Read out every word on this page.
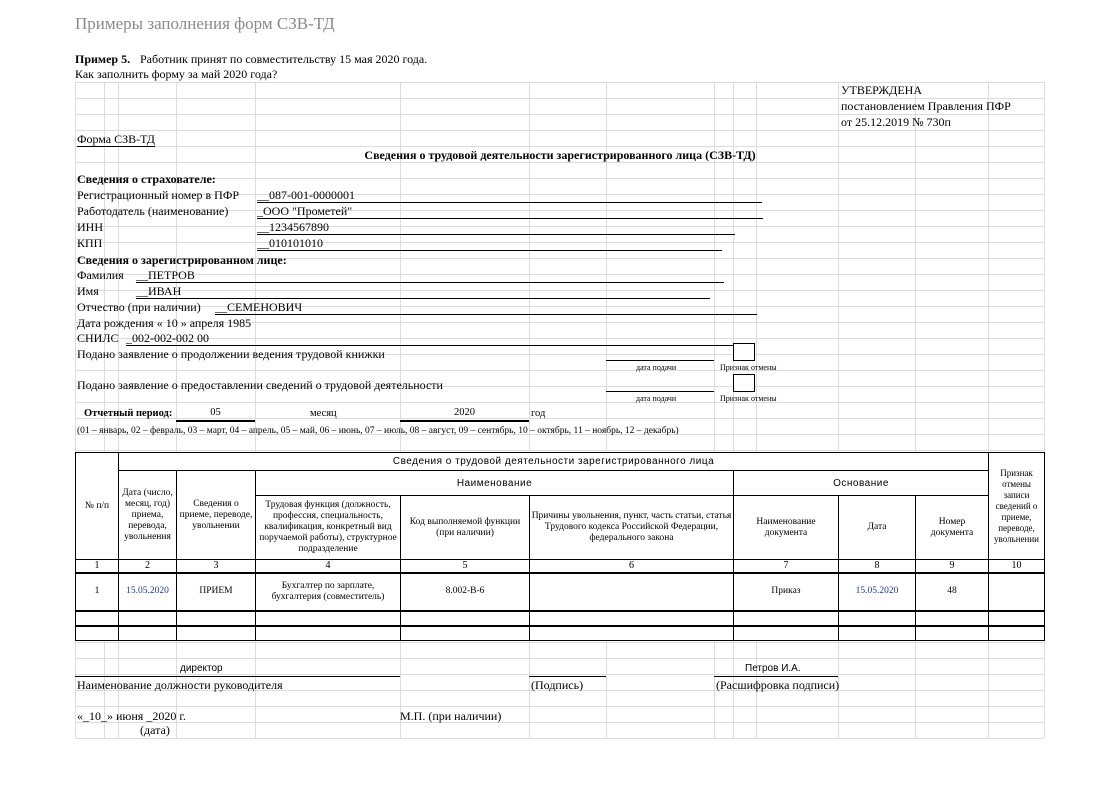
Примеры заполнения форм СЗВ-ТД
Пример 5. Работник принят по совместительству 15 мая 2020 года.
Как заполнить форму за май 2020 года?
УТВЕРЖДЕНА
постановлением Правления ПФР
от 25.12.2019 № 730п
Форма СЗВ-ТД
Сведения о трудовой деятельности зарегистрированного лица (СЗВ-ТД)
Сведения о страхователе:
Регистрационный номер в ПФР __087-001-0000001
Работодатель (наименование) _ООО "Прометей"
ИНН	__1234567890
КПП	__010101010
Сведения о зарегистрированном лице:
Фамилия __ПЕТРОВ
Имя	__ИВАН
Отчество (при наличии) __СЕМЕНОВИЧ
Дата рождения « 10 » апреля 1985
СНИЛС _002-002-002 00
Подано заявление о продолжении ведения трудовой книжки
дата подачи	Признак отмены
Подано заявление о предоставлении сведений о трудовой деятельности
дата подачи	Признак отмены
Отчетный период:	05	месяц	2020	год
(01 – январь, 02 – февраль, 03 – март, 04 – апрель, 05 – май, 06 – июнь, 07 – июль, 08 – август, 09 – сентябрь, 10 – октябрь, 11 – ноябрь, 12 – декабрь)
№ п/п	Сведения о трудовой деятельности зарегистрированного лица								Признак отмены записи сведений о приеме, переводе, увольнении
	Дата (число, месяц, год) приема, перевода, увольнения	Сведения о приеме, переводе, увольнении	Наименование			Основание			
			Трудовая функция (должность, профессия, специальность, квалификация, конкретный вид поручаемой работы), структурное подразделение	Код выполняемой функции (при наличии)	Причины увольнения, пункт, часть статьи, статья Трудового кодекса Российской Федерации, федерального закона	Наименование документа	Дата	Номер документа	
1	2	3	4	5	6	7	8	9	10
1	15.05.2020	ПРИЕМ	Бухгалтер по зарплате, бухгалтерия (совместитель)	8.002-В-6		Приказ	15.05.2020	48	

директор
Наименование должности руководителя	(Подпись)
Петров И.А.
(Расшифровка подписи)
«_10_» июня _2020 г.
(дата)
М.П. (при наличии)
